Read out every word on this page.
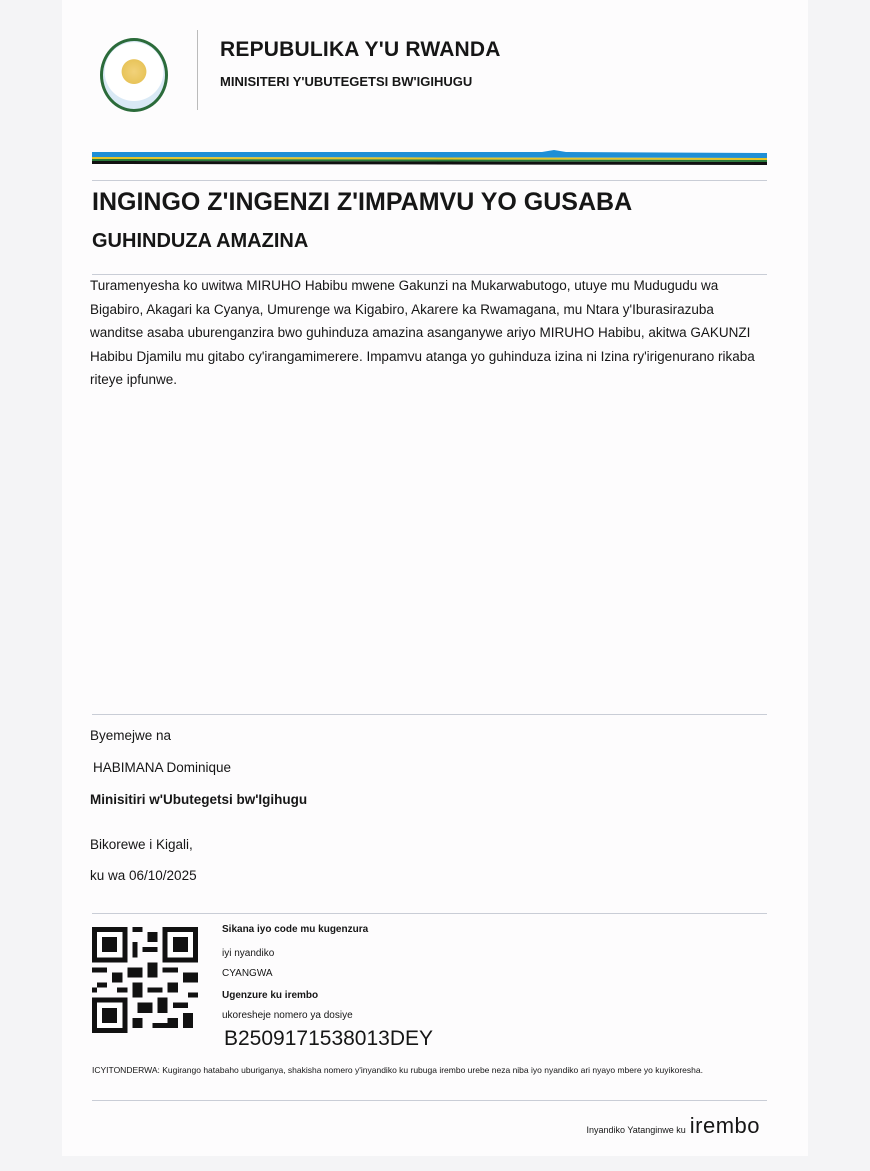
REPUBULIKA Y'U RWANDA
MINISITERI Y'UBUTEGETSI BW'IGIHUGU
INGINGO Z'INGENZI Z'IMPAMVU YO GUSABA
GUHINDUZA AMAZINA
Turamenyesha ko uwitwa MIRUHO Habibu mwene Gakunzi na Mukarwabutogo, utuye mu Mudugudu wa Bigabiro, Akagari ka Cyanya, Umurenge wa Kigabiro, Akarere ka Rwamagana, mu Ntara y'Iburasirazuba wanditse asaba uburenganzira bwo guhinduza amazina asanganywe ariyo MIRUHO Habibu, akitwa GAKUNZI Habibu Djamilu mu gitabo cy'irangamimerere. Impamvu atanga yo guhinduza izina ni Izina ry'irigenurano rikaba riteye ipfunwe.
Byemejwe na
HABIMANA Dominique
Minisitiri w'Ubutegetsi bw'Igihugu
Bikorewe i Kigali,
ku wa 06/10/2025
Sikana iyo code mu kugenzura
iyi nyandiko
CYANGWA
Ugenzure ku irembo
ukoresheje nomero ya dosiye
B2509171538013DEY
ICYITONDERWA: Kugirango hatabaho uburiganya, shakisha nomero y'inyandiko ku rubuga irembo urebe neza niba iyo nyandiko ari nyayo mbere yo kuyikoresha.
Inyandiko Yatanginwe ku irembo
